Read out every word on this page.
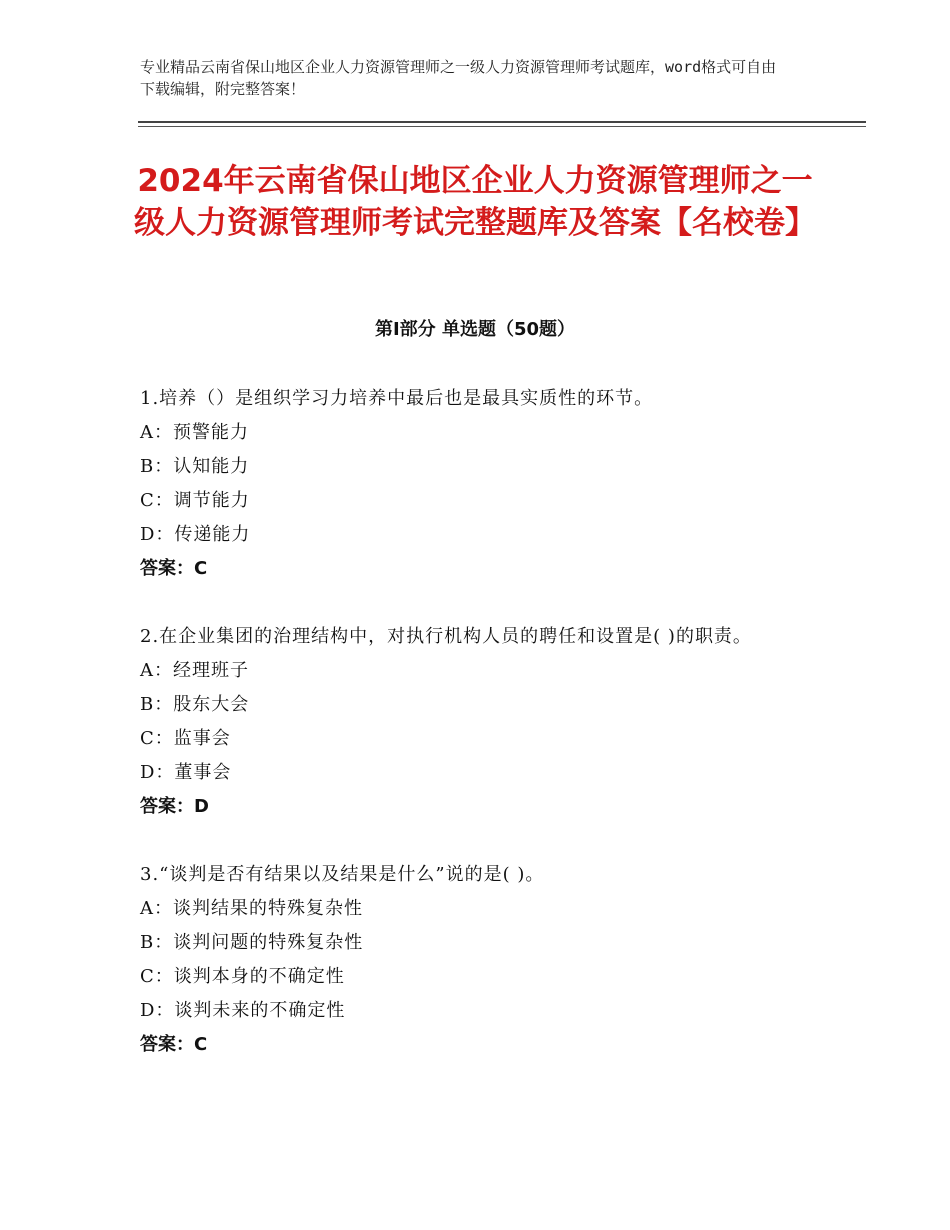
专业精品云南省保山地区企业人力资源管理师之一级人力资源管理师考试题库，word格式可自由下载编辑，附完整答案！
2024年云南省保山地区企业人力资源管理师之一级人力资源管理师考试完整题库及答案【名校卷】
第Ⅰ部分 单选题（50题）
1.培养（）是组织学习力培养中最后也是最具实质性的环节。
A：预警能力
B：认知能力
C：调节能力
D：传递能力
答案：C
2.在企业集团的治理结构中，对执行机构人员的聘任和设置是( )的职责。
A：经理班子
B：股东大会
C：监事会
D：董事会
答案：D
3.“谈判是否有结果以及结果是什么”说的是( )。
A：谈判结果的特殊复杂性
B：谈判问题的特殊复杂性
C：谈判本身的不确定性
D：谈判未来的不确定性
答案：C
